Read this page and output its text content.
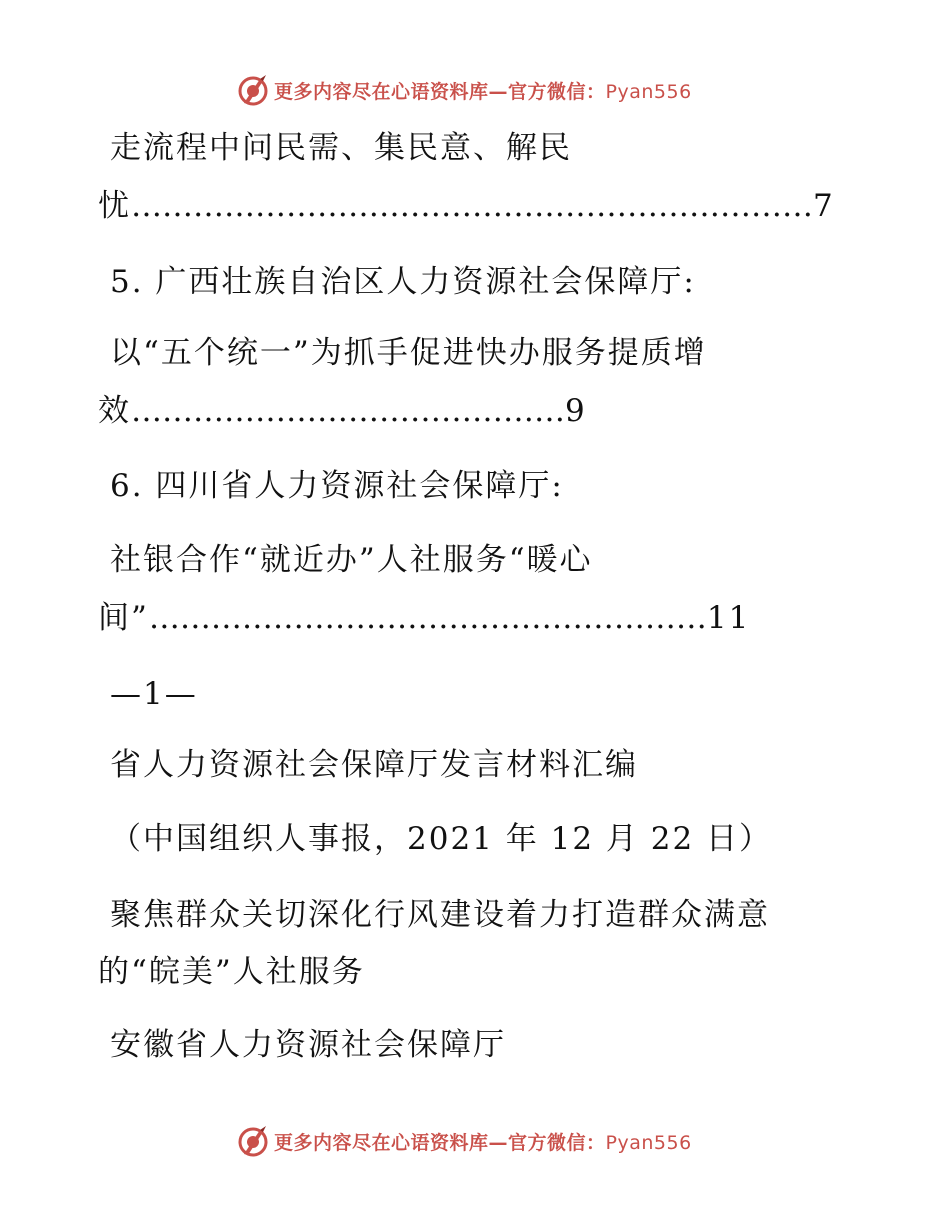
更多内容尽在心语资料库—官方微信：Pyan556
走流程中问民需、集民意、解民
忧…………………………………………………………7
5. 广西壮族自治区人力资源社会保障厅:
以“五个统一”为抓手促进快办服务提质增
效……………………………………9
6. 四川省人力资源社会保障厅:
社银合作“就近办”人社服务“暖心
间”………………………………………………11
—1—
省人力资源社会保障厅发言材料汇编
（中国组织人事报，2021 年 12 月 22 日）
聚焦群众关切深化行风建设着力打造群众满意
的“皖美”人社服务
安徽省人力资源社会保障厅
更多内容尽在心语资料库—官方微信：Pyan556
